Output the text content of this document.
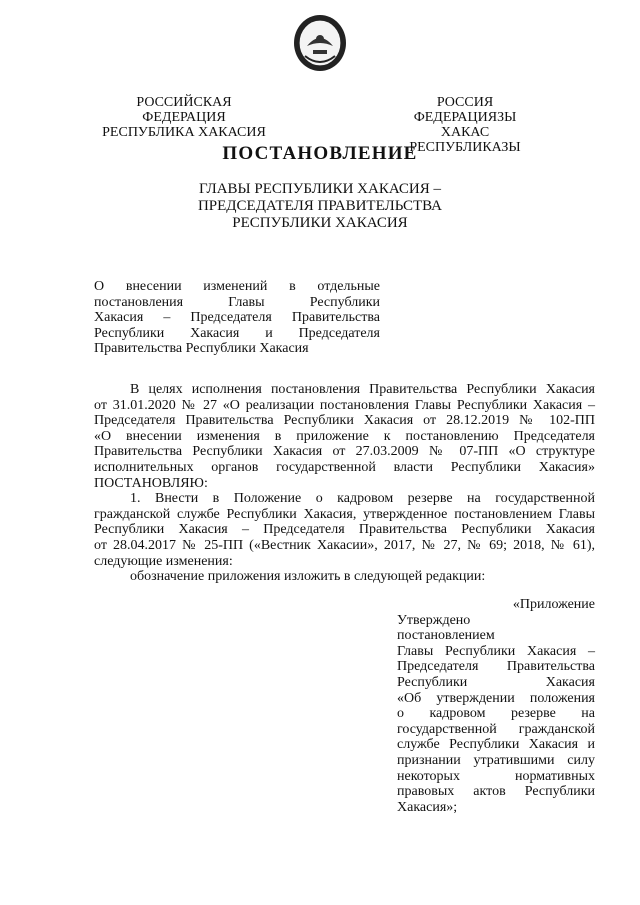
РОССИЙСКАЯ ФЕДЕРАЦИЯ
РЕСПУБЛИКА ХАКАСИЯ
РОССИЯ ФЕДЕРАЦИЯЗЫ
ХАКАС РЕСПУБЛИКАЗЫ
ПОСТАНОВЛЕНИЕ
ГЛАВЫ РЕСПУБЛИКИ ХАКАСИЯ –
ПРЕДСЕДАТЕЛЯ ПРАВИТЕЛЬСТВА
РЕСПУБЛИКИ ХАКАСИЯ
О внесении изменений в отдельные
постановления Главы Республики
Хакасия – Председателя Правительства
Республики Хакасия и Председателя
Правительства Республики Хакасия
В целях исполнения постановления Правительства Республики Хакасия
от 31.01.2020 № 27 «О реализации постановления Главы Республики Хакасия –
Председателя Правительства Республики Хакасия от 28.12.2019 № 102-ПП
«О внесении изменения в приложение к постановлению Председателя
Правительства Республики Хакасия от 27.03.2009 № 07-ПП «О структуре
исполнительных органов государственной власти Республики Хакасия»
ПОСТАНОВЛЯЮ:
1. Внести в Положение о кадровом резерве на государственной
гражданской службе Республики Хакасия, утвержденное постановлением Главы
Республики Хакасия – Председателя Правительства Республики Хакасия
от 28.04.2017 № 25-ПП («Вестник Хакасии», 2017, № 27, № 69; 2018, № 61),
следующие изменения:
обозначение приложения изложить в следующей редакции:
«Приложение
Утверждено
постановлением
Главы Республики Хакасия –
Председателя Правительства
Республики Хакасия
«Об утверждении положения
о кадровом резерве на
государственной гражданской
службе Республики Хакасия и
признании утратившими силу
некоторых нормативных
правовых актов Республики
Хакасия»;
